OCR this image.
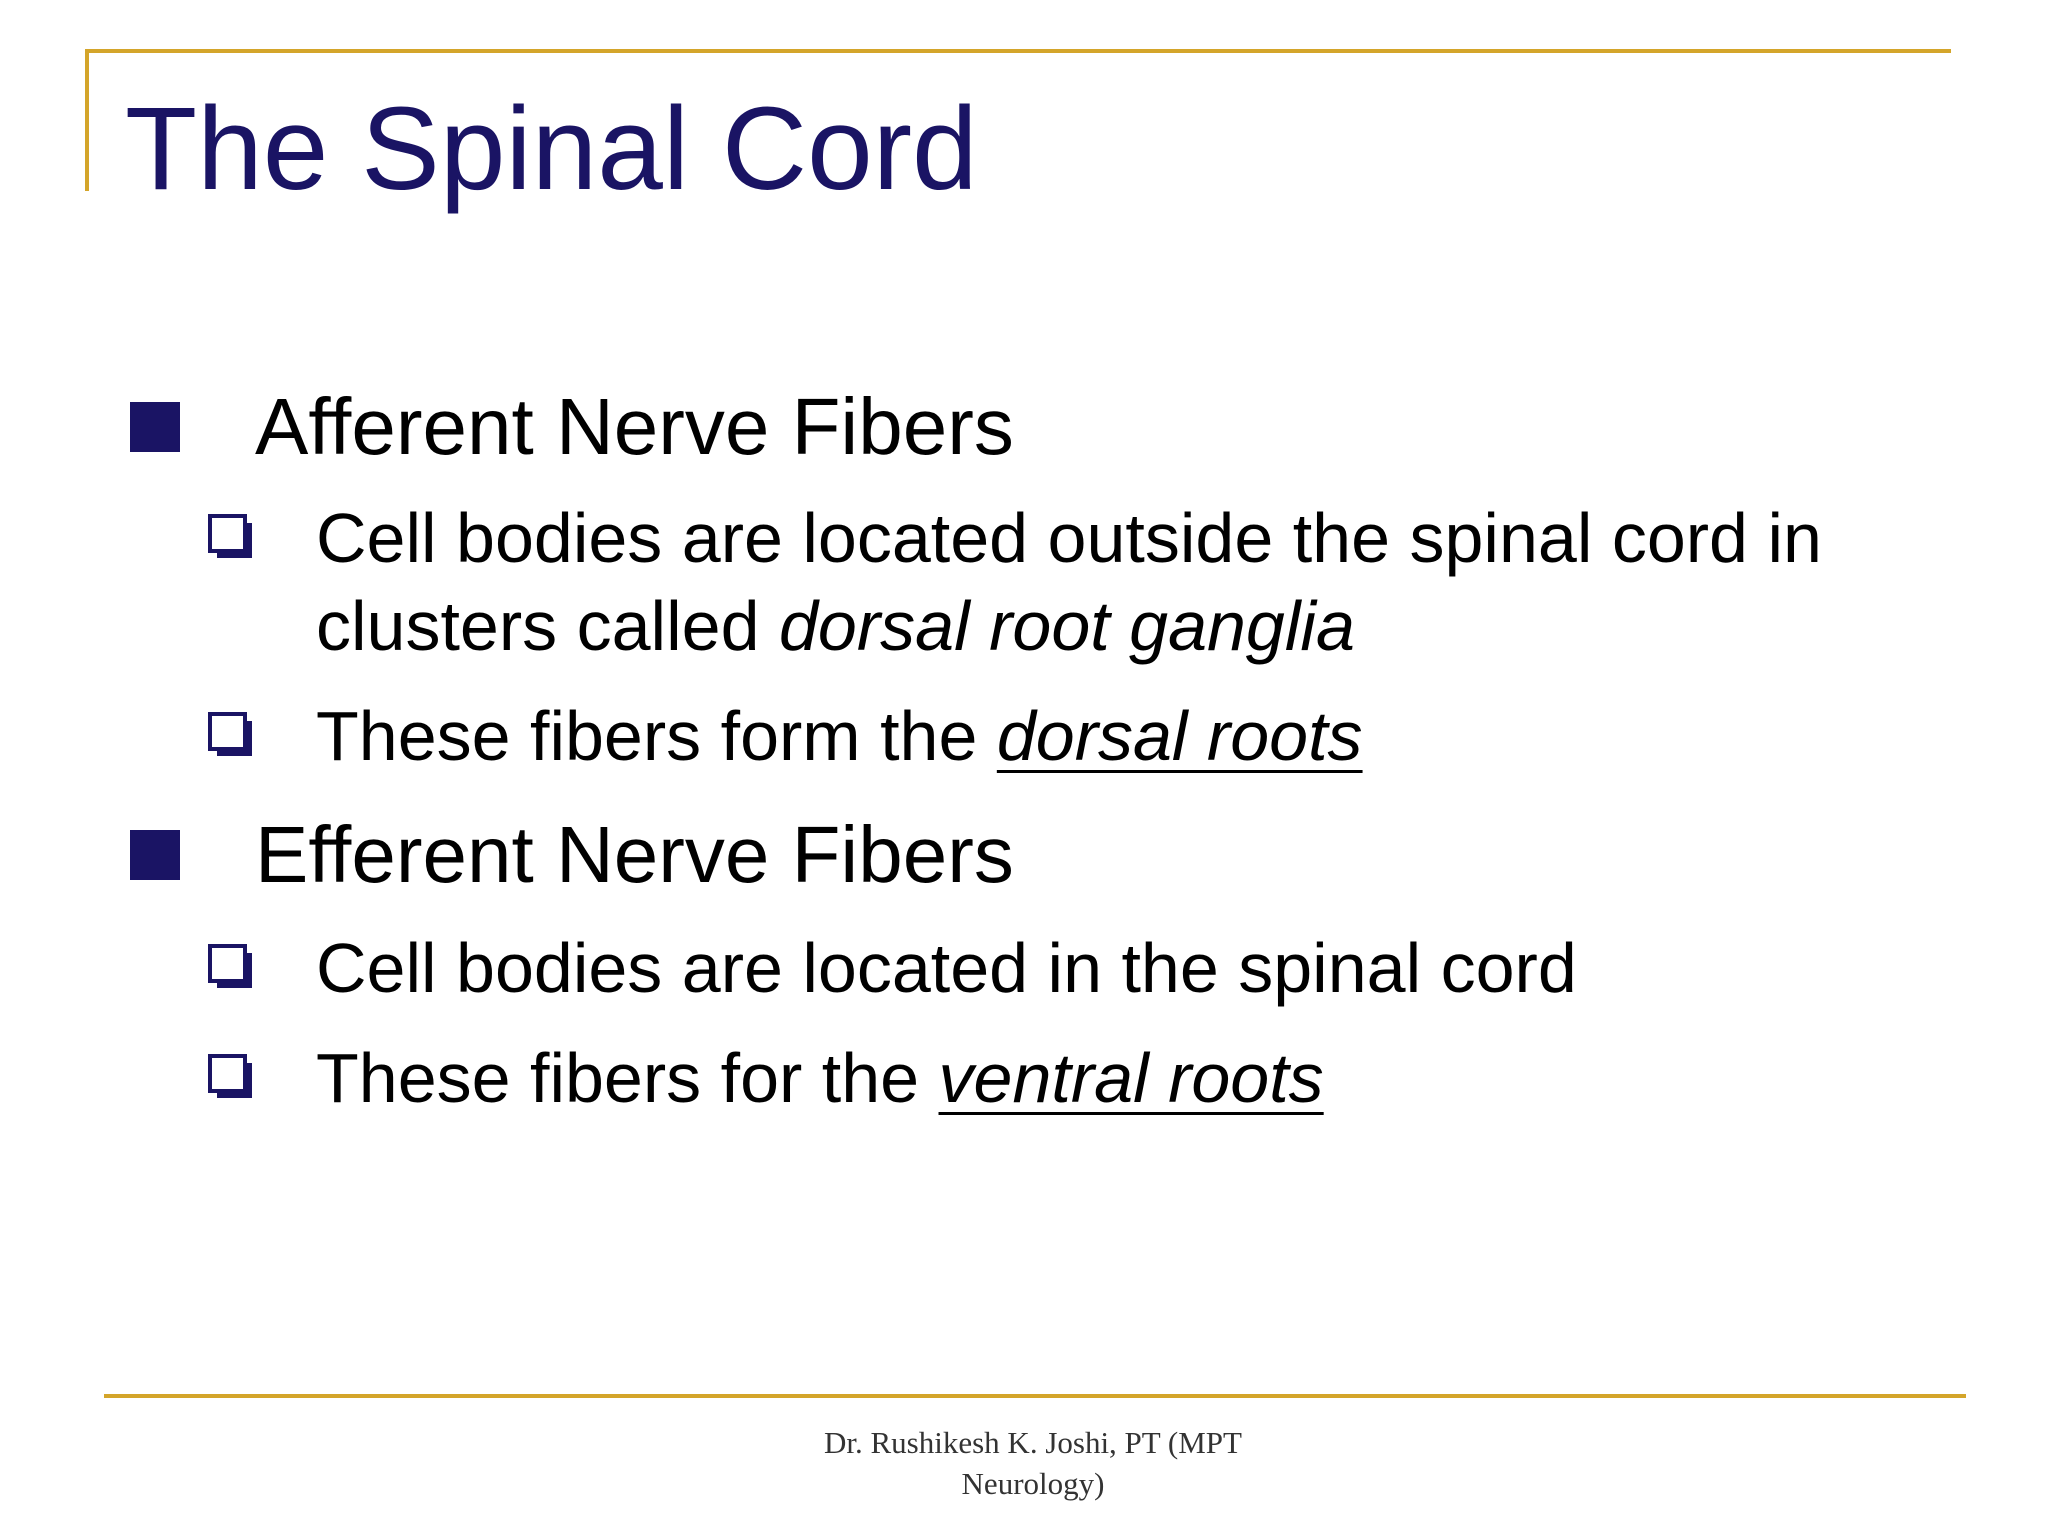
The Spinal Cord
Afferent Nerve Fibers
Cell bodies are located outside the spinal cord in
clusters called dorsal root ganglia
These fibers form the dorsal roots
Efferent Nerve Fibers
Cell bodies are located in the spinal cord
These fibers for the ventral roots
Dr. Rushikesh K. Joshi, PT (MPT
Neurology)
